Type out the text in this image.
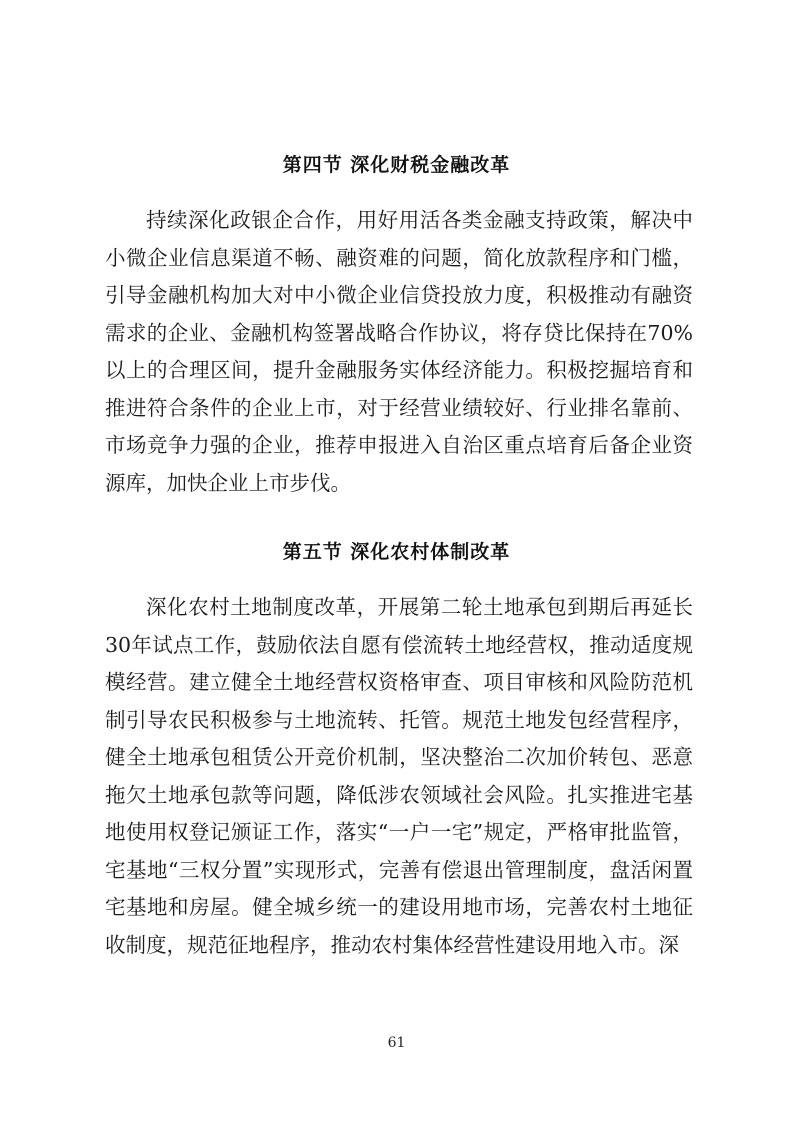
第四节 深化财税金融改革

持续深化政银企合作，用好用活各类金融支持政策，解决中小微企业信息渠道不畅、融资难的问题，简化放款程序和门槛，引导金融机构加大对中小微企业信贷投放力度，积极推动有融资需求的企业、金融机构签署战略合作协议，将存贷比保持在70%以上的合理区间，提升金融服务实体经济能力。积极挖掘培育和推进符合条件的企业上市，对于经营业绩较好、行业排名靠前、市场竞争力强的企业，推荐申报进入自治区重点培育后备企业资源库，加快企业上市步伐。

第五节 深化农村体制改革

深化农村土地制度改革，开展第二轮土地承包到期后再延长30年试点工作，鼓励依法自愿有偿流转土地经营权，推动适度规模经营。建立健全土地经营权资格审查、项目审核和风险防范机制引导农民积极参与土地流转、托管。规范土地发包经营程序，健全土地承包租赁公开竞价机制，坚决整治二次加价转包、恶意拖欠土地承包款等问题，降低涉农领域社会风险。扎实推进宅基地使用权登记颁证工作，落实“一户一宅”规定，严格审批监管，宅基地“三权分置”实现形式，完善有偿退出管理制度，盘活闲置宅基地和房屋。健全城乡统一的建设用地市场，完善农村土地征收制度，规范征地程序，推动农村集体经营性建设用地入市。深

61
